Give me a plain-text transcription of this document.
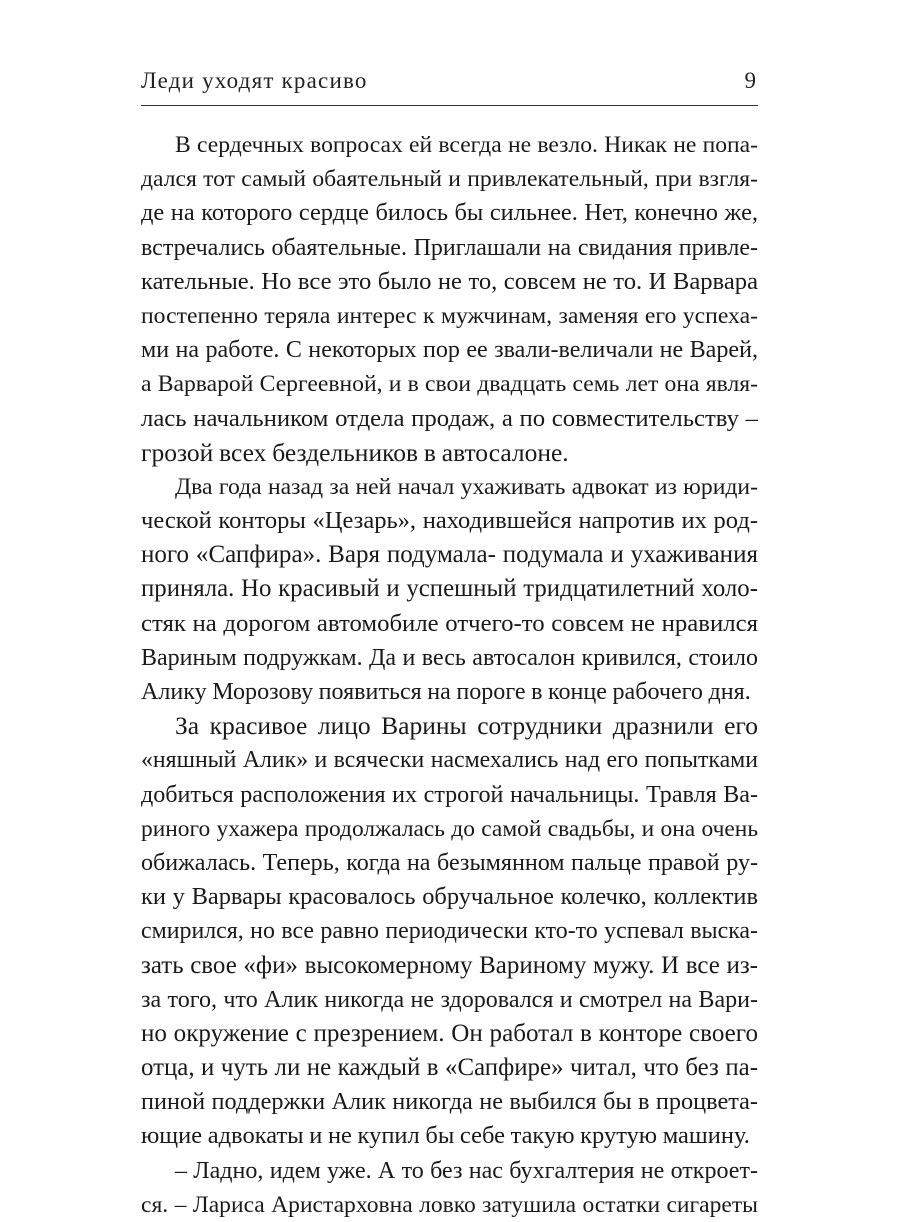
Леди уходят красиво	9
В сердечных вопросах ей всегда не везло. Никак не попа-
дался тот самый обаятельный и привлекательный, при взгля-
де на которого сердце билось бы сильнее. Нет, конечно же,
встречались обаятельные. Приглашали на свидания привле-
кательные. Но все это было не то, совсем не то. И Варвара
постепенно теряла интерес к мужчинам, заменяя его успеха-
ми на работе. С некоторых пор ее звали-величали не Варей,
а Варварой Сергеевной, и в свои двадцать семь лет она явля-
лась начальником отдела продаж, а по совместительству –
грозой всех бездельников в автосалоне.
Два года назад за ней начал ухаживать адвокат из юриди-
ческой конторы «Цезарь», находившейся напротив их род-
ного «Сапфира». Варя подумала- подумала и ухаживания
приняла. Но красивый и успешный тридцатилетний холо-
стяк на дорогом автомобиле отчего-то совсем не нравился
Вариным подружкам. Да и весь автосалон кривился, стоило
Алику Морозову появиться на пороге в конце рабочего дня.
За красивое лицо Варины сотрудники дразнили его
«няшный Алик» и всячески насмехались над его попытками
добиться расположения их строгой начальницы. Травля Ва-
риного ухажера продолжалась до самой свадьбы, и она очень
обижалась. Теперь, когда на безымянном пальце правой ру-
ки у Варвары красовалось обручальное колечко, коллектив
смирился, но все равно периодически кто-то успевал выска-
зать свое «фи» высокомерному Вариному мужу. И все из-
за того, что Алик никогда не здоровался и смотрел на Вари-
но окружение с презрением. Он работал в конторе своего
отца, и чуть ли не каждый в «Сапфире» читал, что без па-
пиной поддержки Алик никогда не выбился бы в процвета-
ющие адвокаты и не купил бы себе такую крутую машину.
– Ладно, идем уже. А то без нас бухгалтерия не откроет-
ся. – Лариса Аристарховна ловко затушила остатки сигареты
